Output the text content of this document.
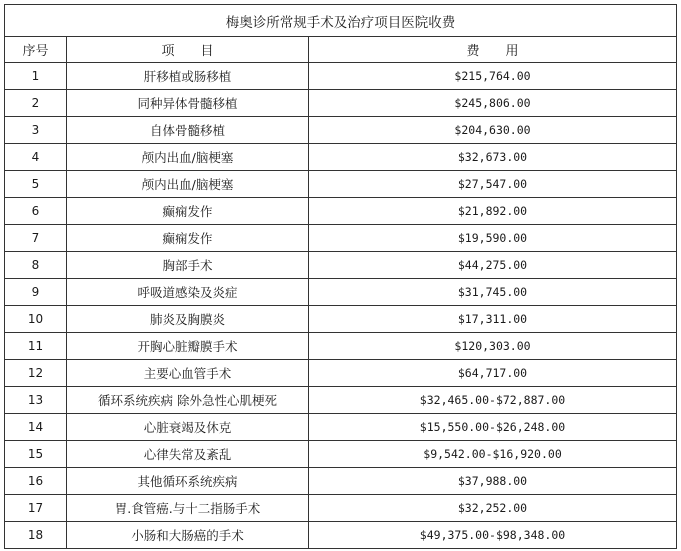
梅奥诊所常规手术及治疗项目医院收费		
序号	项　　目	费　　用
1	肝移植或肠移植	$215,764.00
2	同种异体骨髓移植	$245,806.00
3	自体骨髓移植	$204,630.00
4	颅内出血/脑梗塞	$32,673.00
5	颅内出血/脑梗塞	$27,547.00
6	癫痫发作	$21,892.00
7	癫痫发作	$19,590.00
8	胸部手术	$44,275.00
9	呼吸道感染及炎症	$31,745.00
10	肺炎及胸膜炎	$17,311.00
11	开胸心脏瓣膜手术	$120,303.00
12	主要心血管手术	$64,717.00
13	循环系统疾病 除外急性心肌梗死	$32,465.00-$72,887.00
14	心脏衰竭及休克	$15,550.00-$26,248.00
15	心律失常及紊乱	$9,542.00-$16,920.00
16	其他循环系统疾病	$37,988.00
17	胃.食管癌.与十二指肠手术	$32,252.00
18	小肠和大肠癌的手术	$49,375.00-$98,348.00
